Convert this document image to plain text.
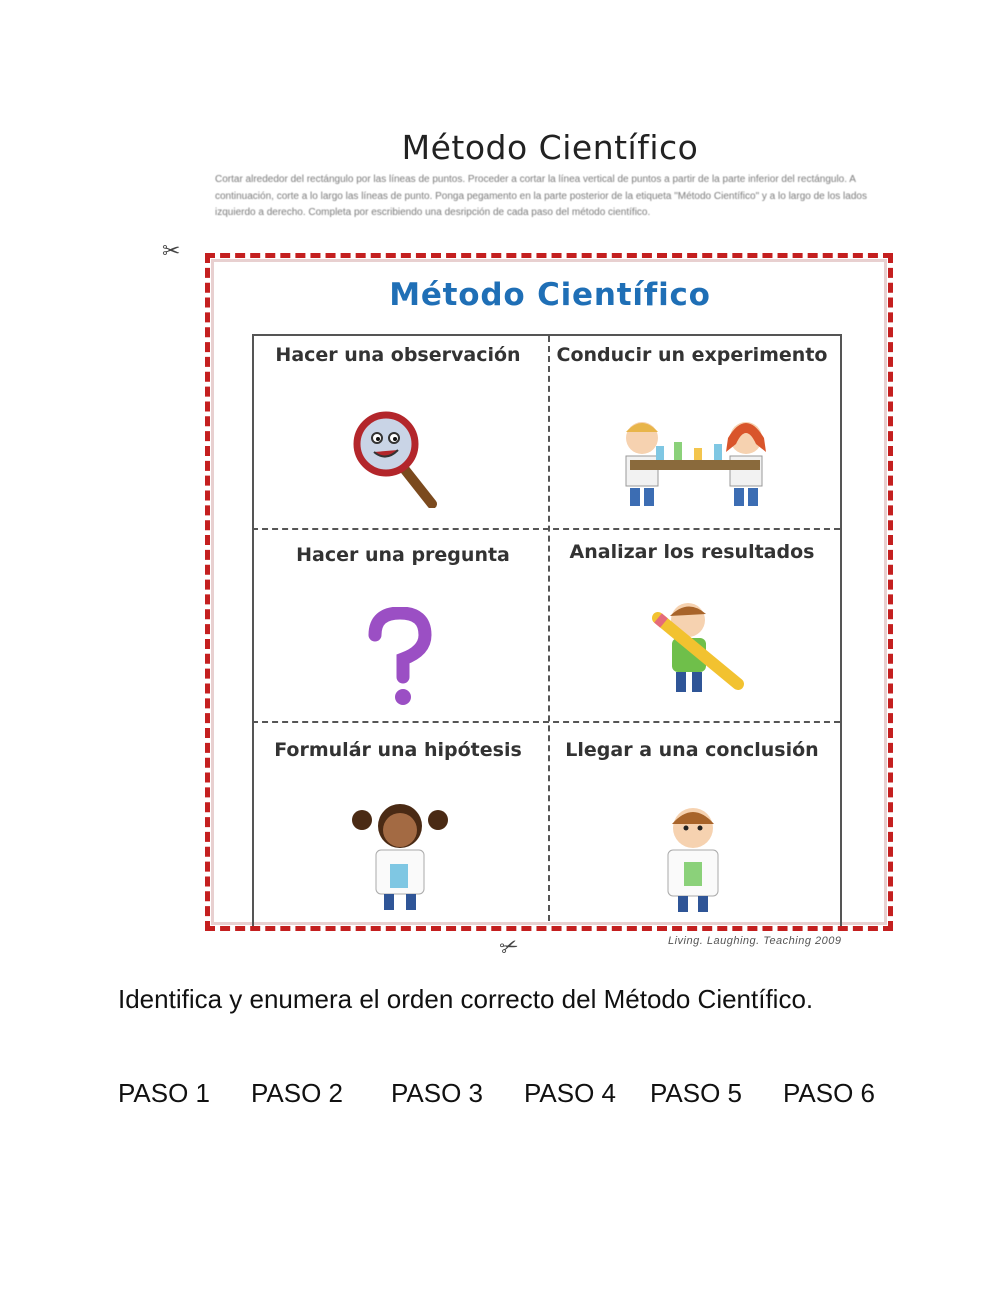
Método Científico
Cortar alrededor del rectángulo por las líneas de puntos. Proceder a cortar la línea vertical de puntos a partir de la parte inferior del rectángulo. A continuación, corte a lo largo las líneas de punto. Ponga pegamento en la parte posterior de la etiqueta "Método Científico" y a lo largo de los lados izquierdo a derecho. Completa por escribiendo una desripción de cada paso del método científico.
✂
✂
Método Científico
Hacer una observación	Conducir un experimento
Hacer una pregunta	Analizar los resultados
Formulár una hipótesis	Llegar a una conclusión
Living. Laughing. Teaching 2009
Identifica y enumera el orden correcto del Método Científico.
PASO 1 PASO 2 PASO 3 PASO 4 PASO 5 PASO 6
